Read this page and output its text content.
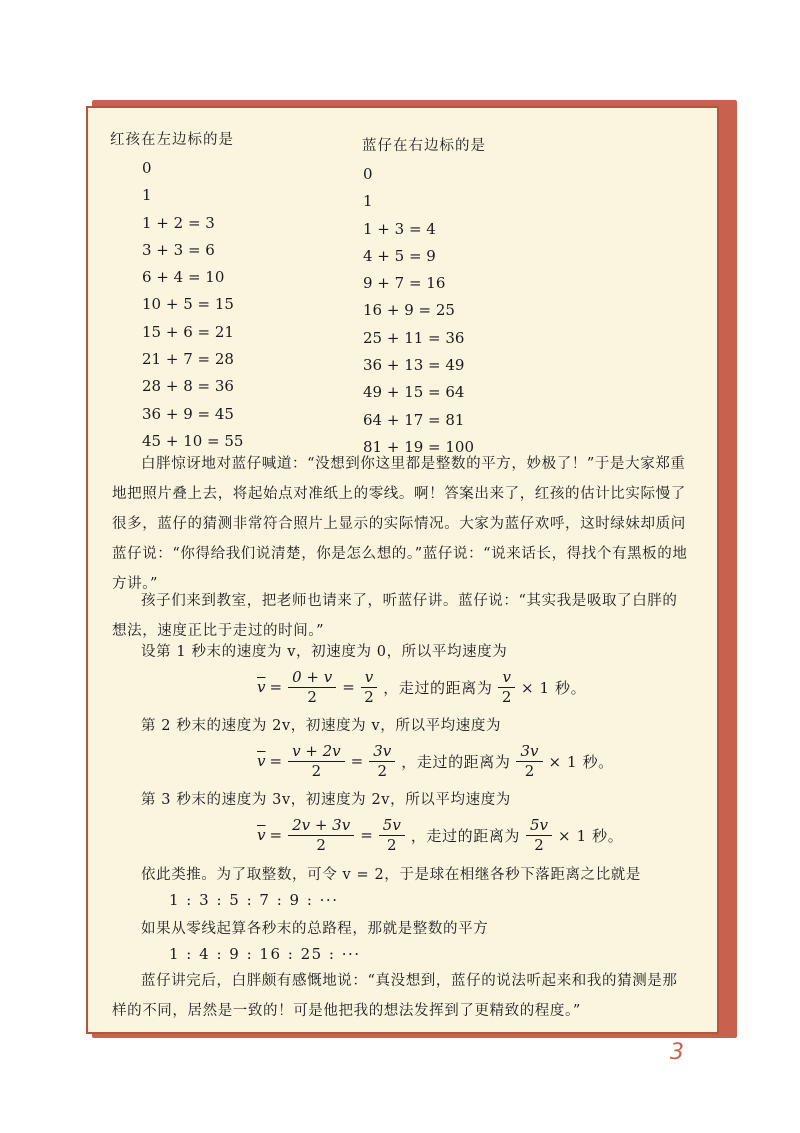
红孩在左边标的是
0
1
1 + 2 = 3
3 + 3 = 6
6 + 4 = 10
10 + 5 = 15
15 + 6 = 21
21 + 7 = 28
28 + 8 = 36
36 + 9 = 45
45 + 10 = 55
蓝仔在右边标的是
0
1
1 + 3 = 4
4 + 5 = 9
9 + 7 = 16
16 + 9 = 25
25 + 11 = 36
36 + 13 = 49
49 + 15 = 64
64 + 17 = 81
81 + 19 = 100
白胖惊讶地对蓝仔喊道：“没想到你这里都是整数的平方，妙极了！”于是大家郑重地把照片叠上去，将起始点对准纸上的零线。啊！答案出来了，红孩的估计比实际慢了很多，蓝仔的猜测非常符合照片上显示的实际情况。大家为蓝仔欢呼，这时绿妹却质问蓝仔说：“你得给我们说清楚，你是怎么想的。”蓝仔说：“说来话长，得找个有黑板的地方讲。”
孩子们来到教室，把老师也请来了，听蓝仔讲。蓝仔说：“其实我是吸取了白胖的想法，速度正比于走过的时间。”
设第 1 秒末的速度为 v，初速度为 0，所以平均速度为
$\overline{v} = \frac{0 + v}{2} = \frac{v}{2}$ ，走过的距离为 $\frac{v}{2} \times 1$ 秒。
第 2 秒末的速度为 2v，初速度为 v，所以平均速度为
$\overline{v} = \frac{v + 2v}{2} = \frac{3v}{2}$ ，走过的距离为 $\frac{3v}{2} \times 1$ 秒。
第 3 秒末的速度为 3v，初速度为 2v，所以平均速度为
$\overline{v} = \frac{2v + 3v}{2} = \frac{5v}{2}$ ，走过的距离为 $\frac{5v}{2} \times 1$ 秒。
依此类推。为了取整数，可令 v = 2，于是球在相继各秒下落距离之比就是
1 : 3 : 5 : 7 : 9 : ···
如果从零线起算各秒末的总路程，那就是整数的平方
1 : 4 : 9 : 16 : 25 : ···
蓝仔讲完后，白胖颇有感慨地说：“真没想到，蓝仔的说法听起来和我的猜测是那样的不同，居然是一致的！可是他把我的想法发挥到了更精致的程度。”
3
